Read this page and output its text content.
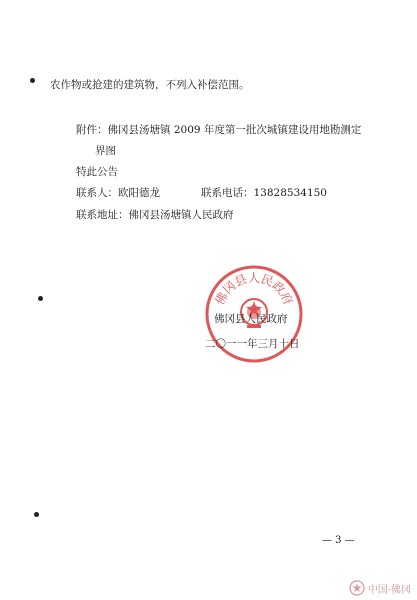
农作物或抢建的建筑物，不列入补偿范围。
附件：佛冈县汤塘镇 2009 年度第一批次城镇建设用地勘测定
界图
特此公告
联系人：欧阳德龙	联系电话：13828534150
联系地址：佛冈县汤塘镇人民政府
佛冈县人民政府
佛冈县人民政府
二〇一一年三月十日
— 3 —
中国·佛冈
